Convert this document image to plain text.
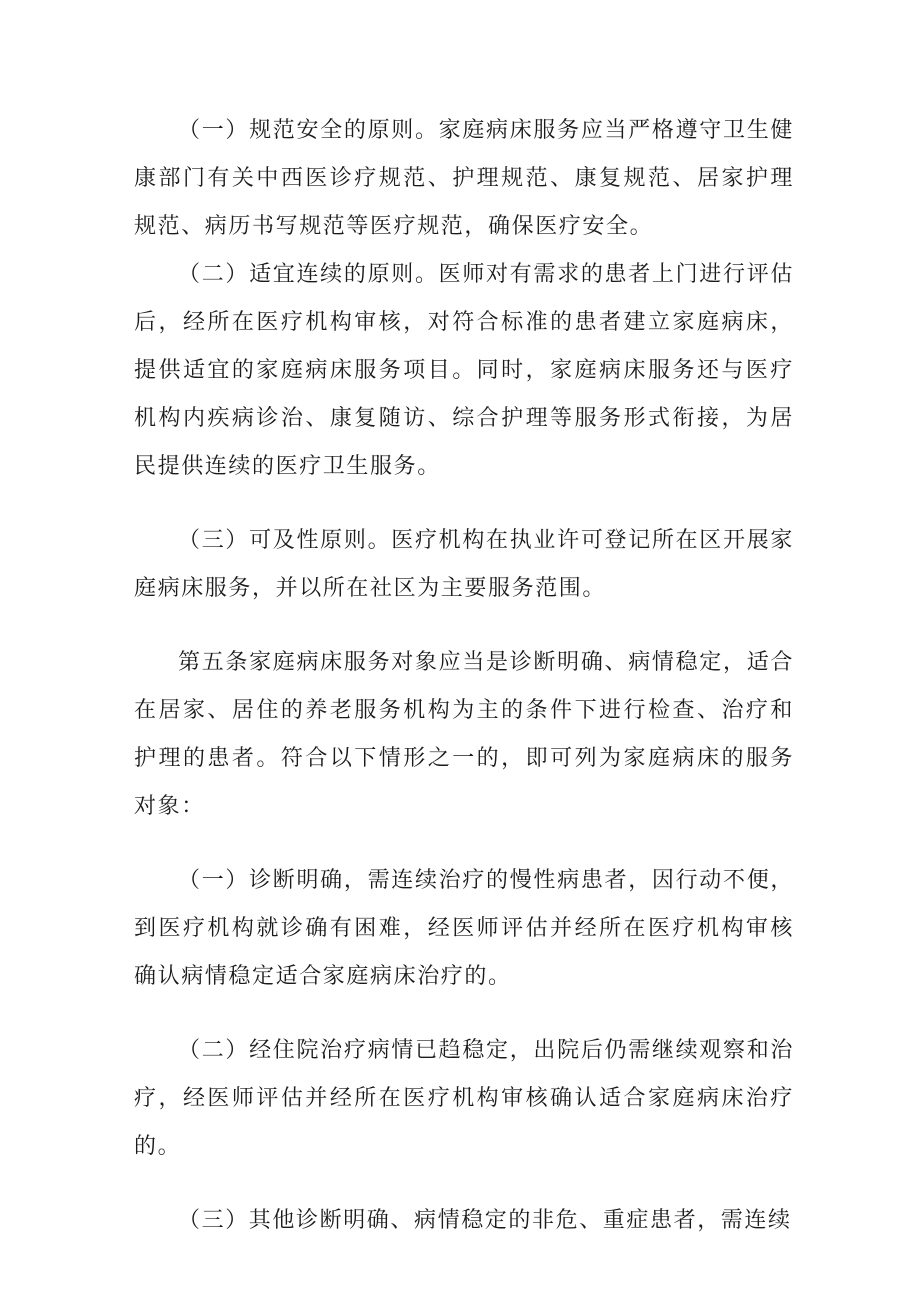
（一）规范安全的原则。家庭病床服务应当严格遵守卫生健康部门有关中西医诊疗规范、护理规范、康复规范、居家护理规范、病历书写规范等医疗规范，确保医疗安全。

（二）适宜连续的原则。医师对有需求的患者上门进行评估后，经所在医疗机构审核，对符合标准的患者建立家庭病床，提供适宜的家庭病床服务项目。同时，家庭病床服务还与医疗机构内疾病诊治、康复随访、综合护理等服务形式衔接，为居民提供连续的医疗卫生服务。

（三）可及性原则。医疗机构在执业许可登记所在区开展家庭病床服务，并以所在社区为主要服务范围。

第五条家庭病床服务对象应当是诊断明确、病情稳定，适合在居家、居住的养老服务机构为主的条件下进行检查、治疗和护理的患者。符合以下情形之一的，即可列为家庭病床的服务对象：

（一）诊断明确，需连续治疗的慢性病患者，因行动不便，到医疗机构就诊确有困难，经医师评估并经所在医疗机构审核确认病情稳定适合家庭病床治疗的。

（二）经住院治疗病情已趋稳定，出院后仍需继续观察和治疗，经医师评估并经所在医疗机构审核确认适合家庭病床治疗的。

（三）其他诊断明确、病情稳定的非危、重症患者，需连续
